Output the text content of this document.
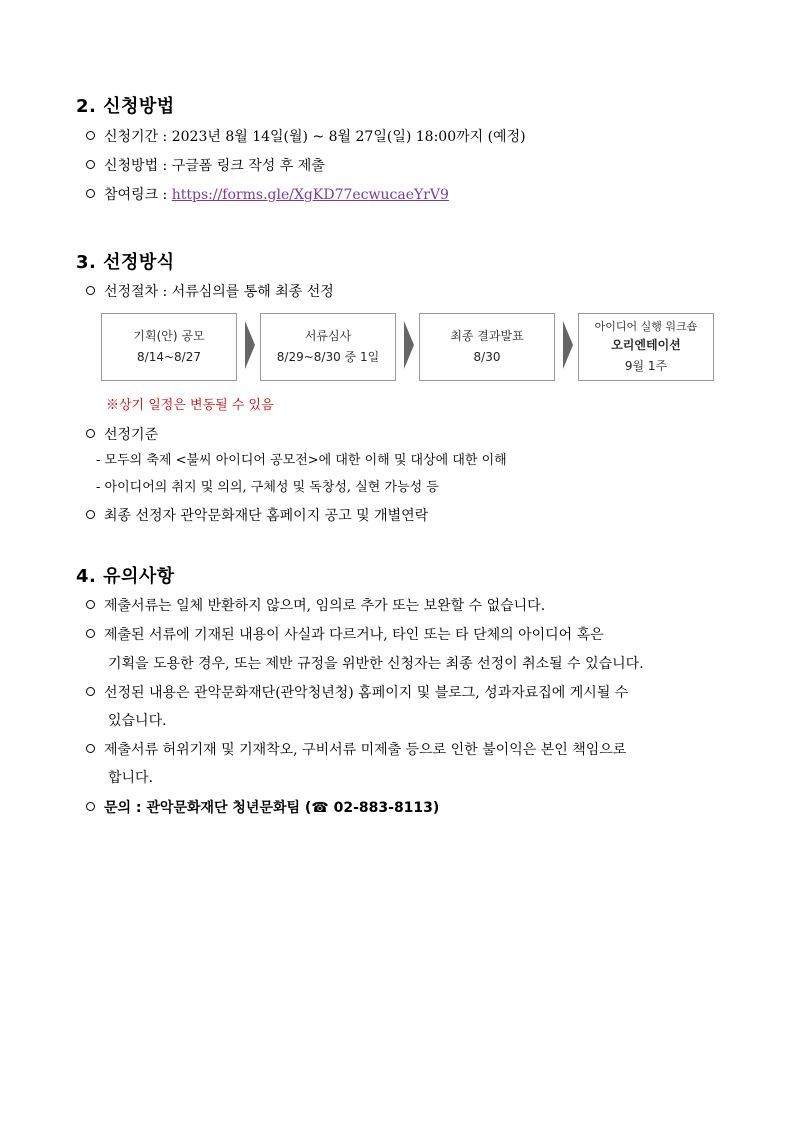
2. 신청방법
신청기간 : 2023년 8월 14일(월) ~ 8월 27일(일) 18:00까지 (예정)
신청방법 : 구글폼 링크 작성 후 제출
참여링크 : https://forms.gle/XgKD77ecwucaeYrV9
3. 선정방식
선정절차 : 서류심의를 통해 최종 선정
기획(안) 공모
8/14~8/27
서류심사
8/29~8/30 중 1일
최종 결과발표
8/30
아이디어 실행 워크숍
오리엔테이션
9월 1주
※상기 일정은 변동될 수 있음
선정기준
- 모두의 축제 <불씨 아이디어 공모전>에 대한 이해 및 대상에 대한 이해
- 아이디어의 취지 및 의의, 구체성 및 독창성, 실현 가능성 등
최종 선정자 관악문화재단 홈페이지 공고 및 개별연락
4. 유의사항
제출서류는 일체 반환하지 않으며, 임의로 추가 또는 보완할 수 없습니다.
제출된 서류에 기재된 내용이 사실과 다르거나, 타인 또는 타 단체의 아이디어 혹은
기획을 도용한 경우, 또는 제반 규정을 위반한 신청자는 최종 선정이 취소될 수 있습니다.
선정된 내용은 관악문화재단(관악청년청) 홈페이지 및 블로그, 성과자료집에 게시될 수
있습니다.
제출서류 허위기재 및 기재착오, 구비서류 미제출 등으로 인한 불이익은 본인 책임으로
합니다.
문의 : 관악문화재단 청년문화팀 (☎ 02-883-8113)
